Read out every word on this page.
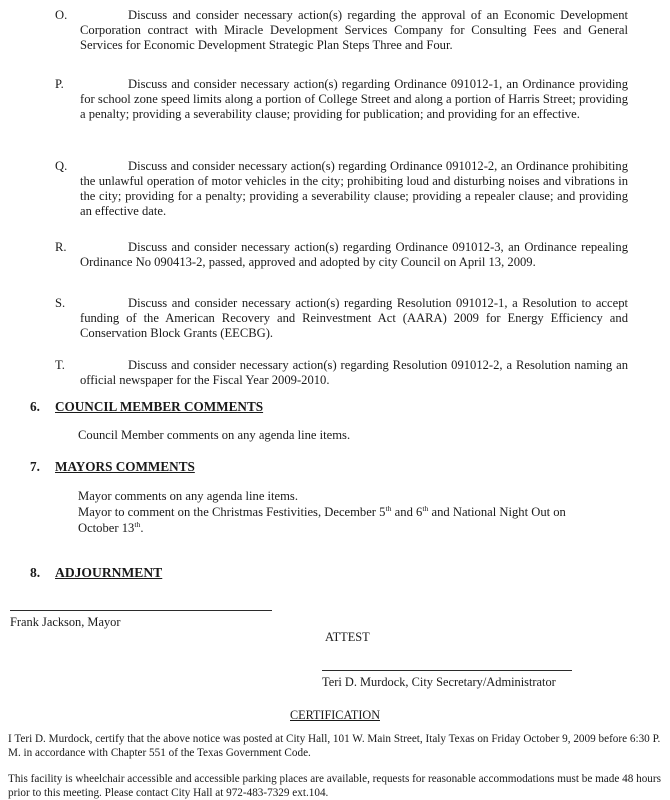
O.	Discuss and consider necessary action(s) regarding the approval of an Economic Development Corporation contract with Miracle Development Services Company for Consulting Fees and General Services for Economic Development Strategic Plan Steps Three and Four.
P.	Discuss and consider necessary action(s) regarding Ordinance 091012-1, an Ordinance providing for school zone speed limits along a portion of College Street and along a portion of Harris Street; providing a penalty; providing a severability clause; providing for publication; and providing for an effective.
Q.	Discuss and consider necessary action(s) regarding Ordinance 091012-2, an Ordinance prohibiting the unlawful operation of motor vehicles in the city; prohibiting loud and disturbing noises and vibrations in the city; providing for a penalty; providing a severability clause; providing a repealer clause; and providing an effective date.
R.	Discuss and consider necessary action(s) regarding Ordinance 091012-3, an Ordinance repealing Ordinance No 090413-2, passed, approved and adopted by city Council on April 13, 2009.
S.	Discuss and consider necessary action(s) regarding Resolution 091012-1, a Resolution to accept funding of the American Recovery and Reinvestment Act (AARA) 2009 for Energy Efficiency and Conservation Block Grants (EECBG).
T.	Discuss and consider necessary action(s) regarding Resolution 091012-2, a Resolution naming an official newspaper for the Fiscal Year 2009-2010.
6. COUNCIL MEMBER COMMENTS
Council Member comments on any agenda line items.
7. MAYORS COMMENTS
Mayor comments on any agenda line items.
Mayor to comment on the Christmas Festivities, December 5th and 6th and National Night Out on
October 13th.
8. ADJOURNMENT
Frank Jackson, Mayor
ATTEST
Teri D. Murdock, City Secretary/Administrator
CERTIFICATION
I Teri D. Murdock, certify that the above notice was posted at City Hall, 101 W. Main Street, Italy Texas on Friday October 9, 2009 before 6:30 P. M. in accordance with Chapter 551 of the Texas Government Code.
This facility is wheelchair accessible and accessible parking places are available, requests for reasonable accommodations must be made 48 hours prior to this meeting. Please contact City Hall at 972-483-7329 ext.104.
